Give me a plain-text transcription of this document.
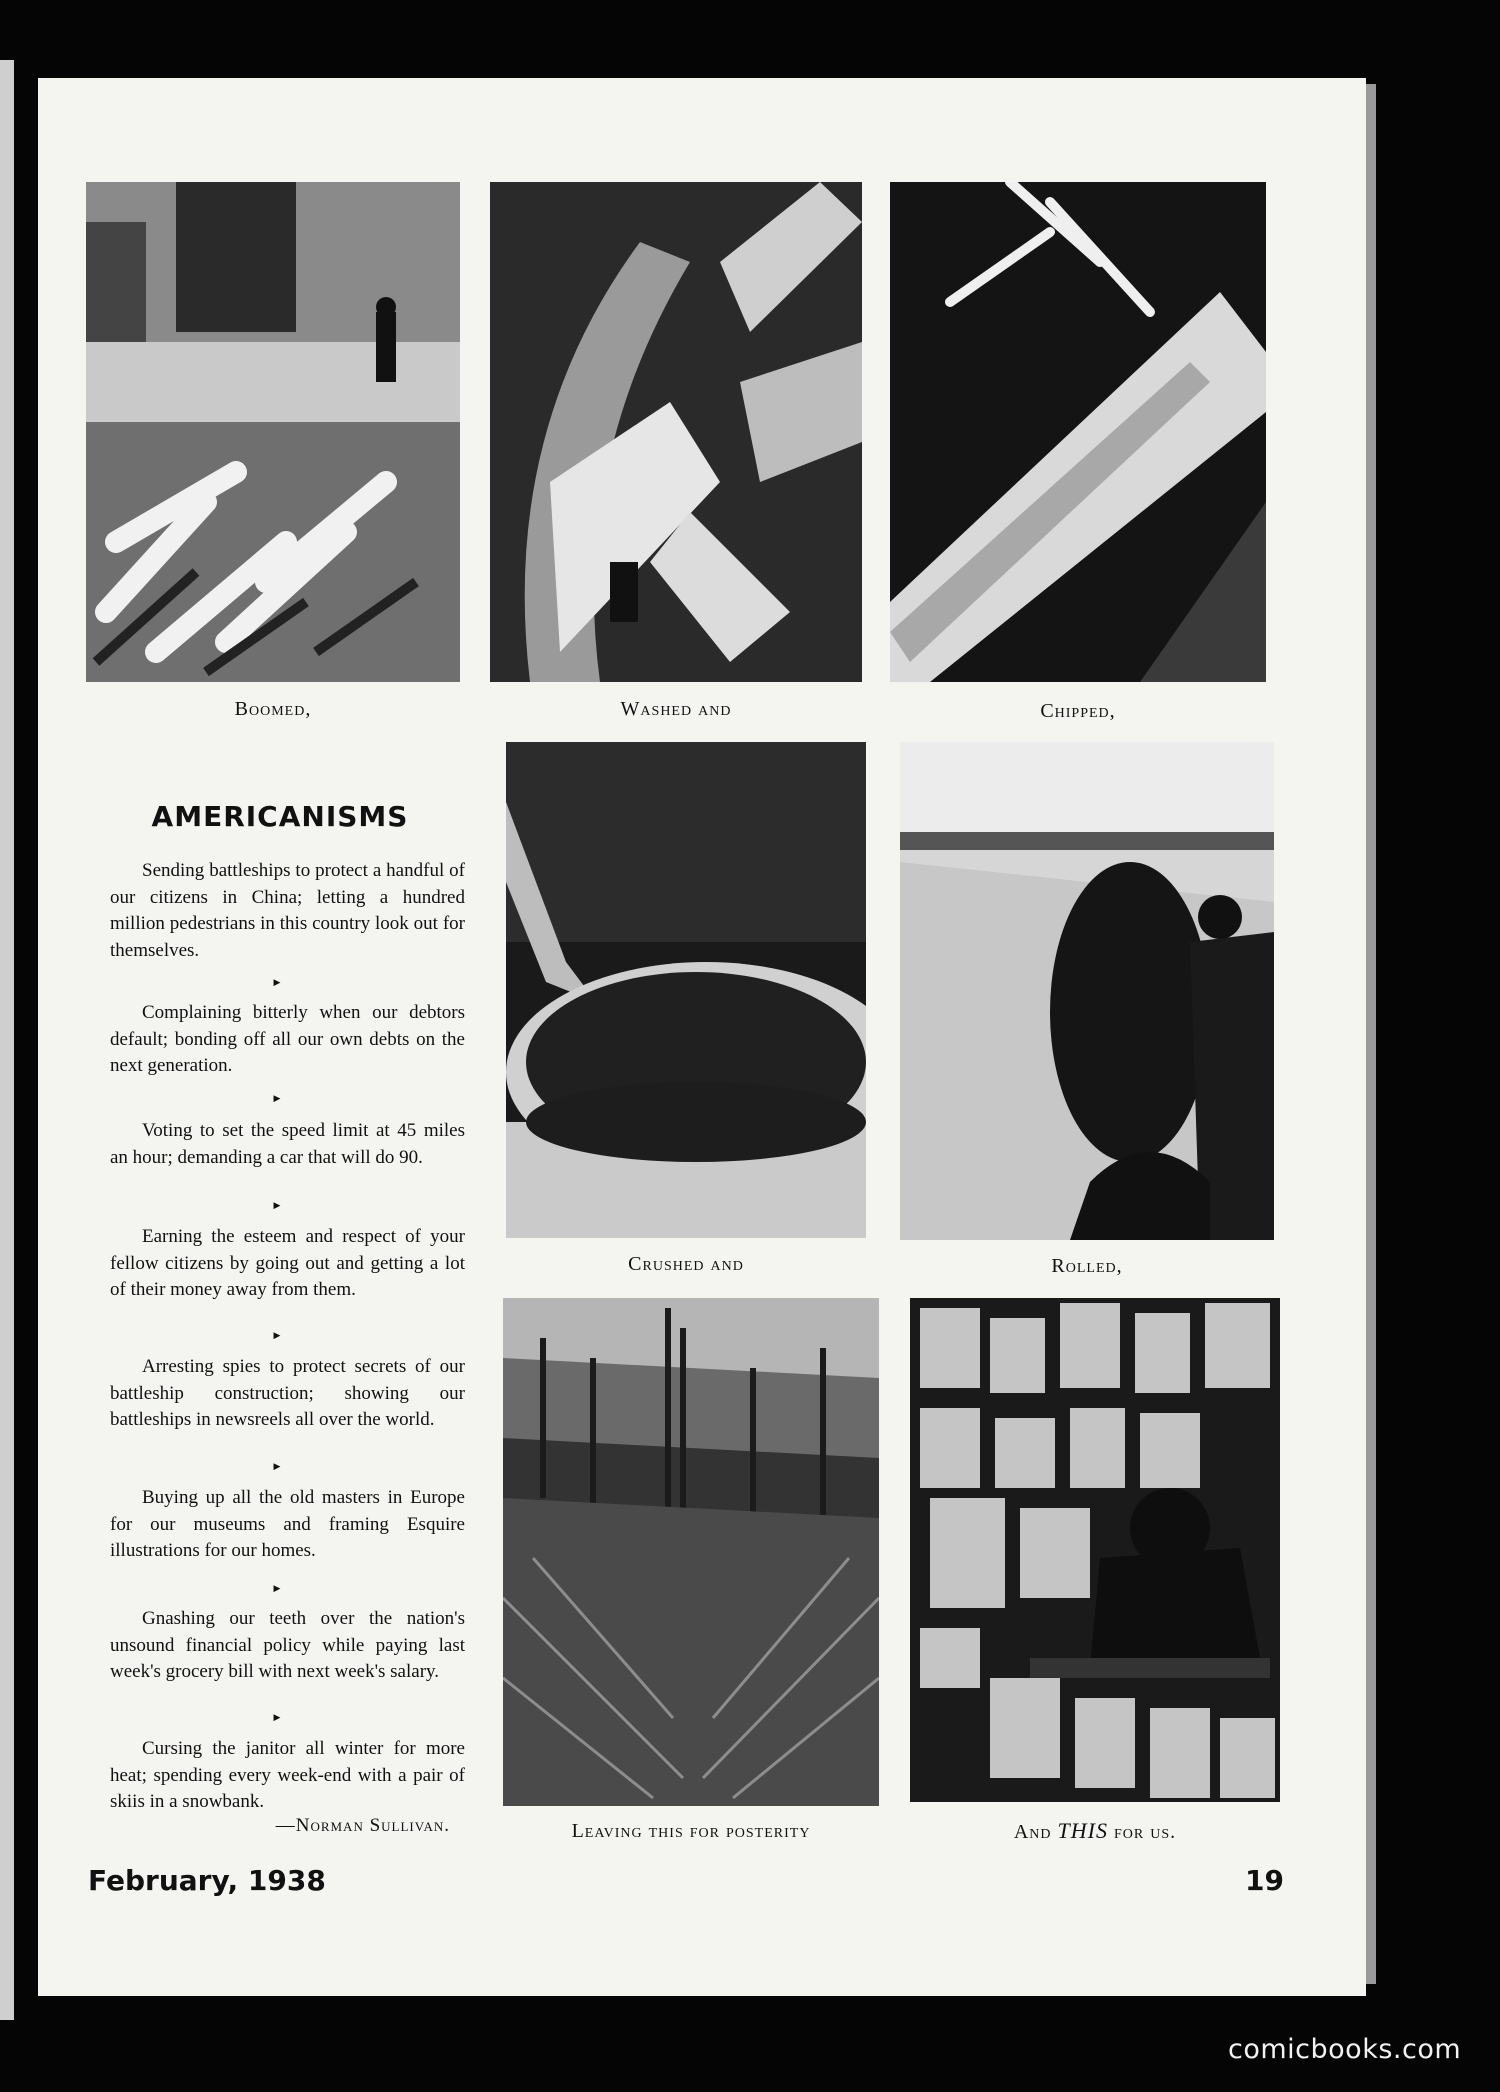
Boomed,	Washed and	Chipped,
Crushed and	Rolled,
Leaving this for posterity	And THIS for us.
AMERICANISMS
Sending battleships to protect a handful of our citizens in China; letting a hundred million pedestrians in this country look out for themselves.
▶
Complaining bitterly when our debtors default; bonding off all our own debts on the next generation.
▶
Voting to set the speed limit at 45 miles an hour; demanding a car that will do 90.
▶
Earning the esteem and respect of your fellow citizens by going out and getting a lot of their money away from them.
▶
Arresting spies to protect secrets of our battleship construction; showing our battleships in newsreels all over the world.
▶
Buying up all the old masters in Europe for our museums and framing Esquire illustrations for our homes.
▶
Gnashing our teeth over the nation's unsound financial policy while paying last week's grocery bill with next week's salary.
▶
Cursing the janitor all winter for more heat; spending every week-end with a pair of skiis in a snowbank.
—Norman Sullivan.
February, 1938	19
comicbooks.com
